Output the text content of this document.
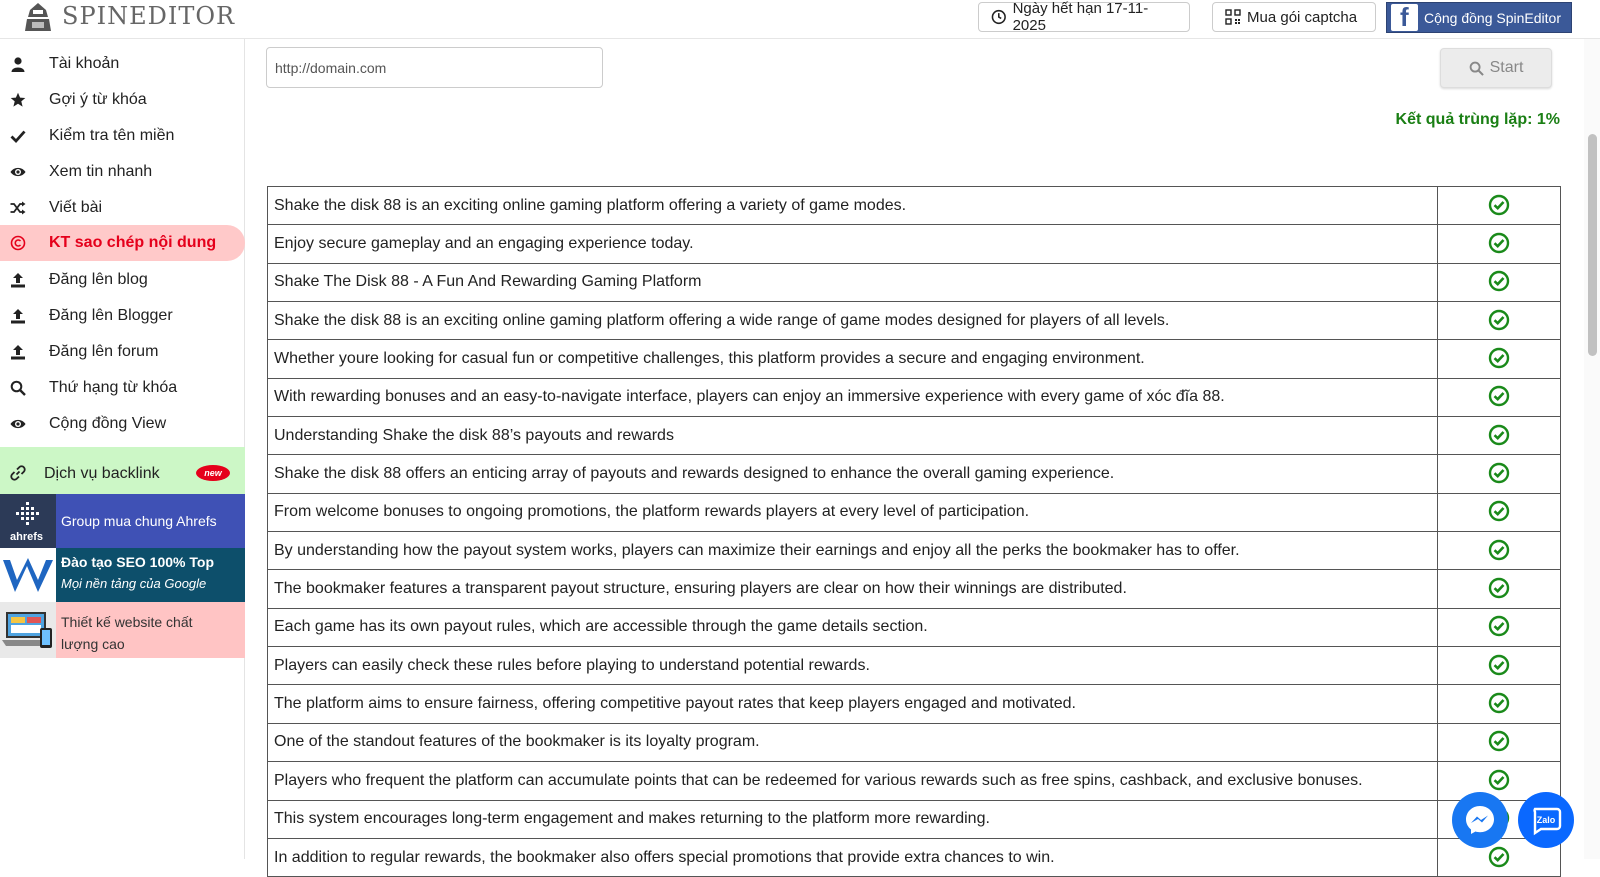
SPINEDITOR	Ngày hết hạn 17-11-2025	Mua gói captcha f Cộng đồng SpinEditor
Tài khoản
Gợi ý từ khóa
Kiểm tra tên miền
Xem tin nhanh
Viết bài
KT sao chép nội dung
Đăng lên blog
Đăng lên Blogger
Đăng lên forum
Thứ hạng từ khóa
Cộng đồng View
Dịch vụ backlink	new
ahrefs
Group mua chung Ahrefs
Đào tạo SEO 100% Top
Mọi nền tảng của Google
Thiết kế website chất lượng cao
http://domain.com
Start
Kết quả trùng lặp: 1%
Shake the disk 88 is an exciting online gaming platform offering a variety of game modes.	
Enjoy secure gameplay and an engaging experience today.	
Shake The Disk 88 - A Fun And Rewarding Gaming Platform	
Shake the disk 88 is an exciting online gaming platform offering a wide range of game modes designed for players of all levels.	
Whether youre looking for casual fun or competitive challenges, this platform provides a secure and engaging environment.	
With rewarding bonuses and an easy-to-navigate interface, players can enjoy an immersive experience with every game of xóc đĩa 88.	
Understanding Shake the disk 88’s payouts and rewards	
Shake the disk 88 offers an enticing array of payouts and rewards designed to enhance the overall gaming experience.	
From welcome bonuses to ongoing promotions, the platform rewards players at every level of participation.	
By understanding how the payout system works, players can maximize their earnings and enjoy all the perks the bookmaker has to offer.	
The bookmaker features a transparent payout structure, ensuring players are clear on how their winnings are distributed.	
Each game has its own payout rules, which are accessible through the game details section.	
Players can easily check these rules before playing to understand potential rewards.	
The platform aims to ensure fairness, offering competitive payout rates that keep players engaged and motivated.	
One of the standout features of the bookmaker is its loyalty program.	
Players who frequent the platform can accumulate points that can be redeemed for various rewards such as free spins, cashback, and exclusive bonuses.	
This system encourages long-term engagement and makes returning to the platform more rewarding.	
In addition to regular rewards, the bookmaker also offers special promotions that provide extra chances to win.	
Zalo
